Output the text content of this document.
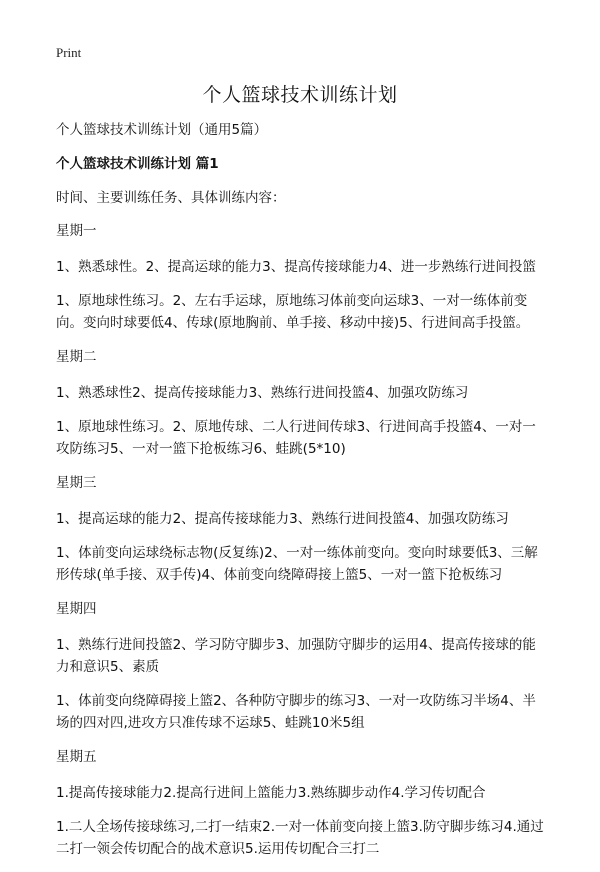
Print
个人篮球技术训练计划

个人篮球技术训练计划（通用5篇）

个人篮球技术训练计划 篇1

时间、主要训练任务、具体训练内容：

星期一

1、熟悉球性。2、提高运球的能力3、提高传接球能力4、进一步熟练行进间投篮

1、原地球性练习。2、左右手运球，原地练习体前变向运球3、一对一练体前变向。变向时球要低4、传球(原地胸前、单手接、移动中接)5、行进间高手投篮。

星期二

1、熟悉球性2、提高传接球能力3、熟练行进间投篮4、加强攻防练习

1、原地球性练习。2、原地传球、二人行进间传球3、行进间高手投篮4、一对一攻防练习5、一对一篮下抢板练习6、蛙跳(5*10)

星期三

1、提高运球的能力2、提高传接球能力3、熟练行进间投篮4、加强攻防练习

1、体前变向运球绕标志物(反复练)2、一对一练体前变向。变向时球要低3、三解形传球(单手接、双手传)4、体前变向绕障碍接上篮5、一对一篮下抢板练习

星期四

1、熟练行进间投篮2、学习防守脚步3、加强防守脚步的运用4、提高传接球的能力和意识5、素质

1、体前变向绕障碍接上篮2、各种防守脚步的练习3、一对一攻防练习半场4、半场的四对四,进攻方只准传球不运球5、蛙跳10米5组

星期五

1.提高传接球能力2.提高行进间上篮能力3.熟练脚步动作4.学习传切配合

1.二人全场传接球练习,二打一结束2.一对一体前变向接上篮3.防守脚步练习4.通过二打一领会传切配合的战术意识5.运用传切配合三打二
